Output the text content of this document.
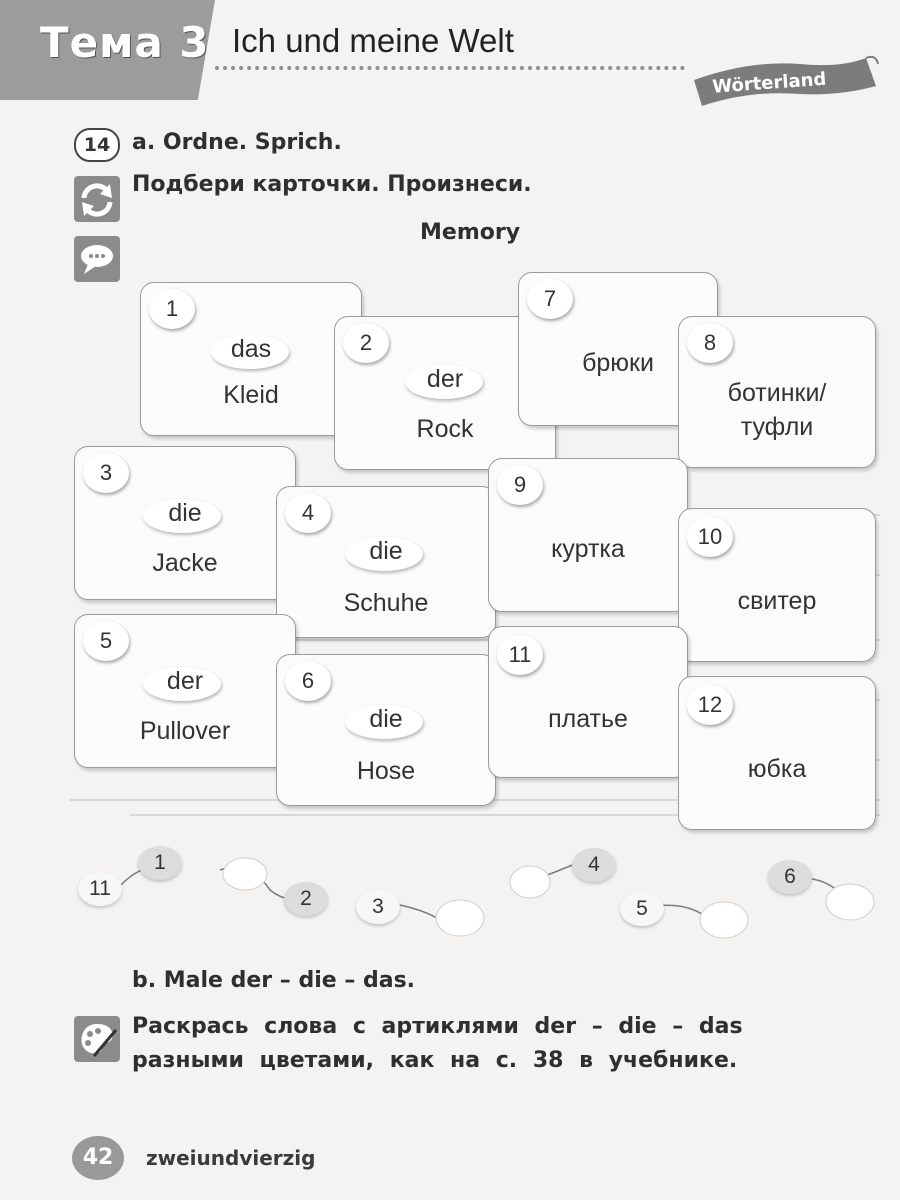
Тема 3 Ich und meine Welt
Wörterland
14 a. Ordne. Sprich.
Подбери карточки. Произнеси.
Memory
1
das
Kleid
2
der
Rock
3
die
Jacke
4
die
Schuhe
5
der
Pullover
6
die
Hose
7
брюки
8
ботинки/
туфли
9
куртка	10
свитер
11
платье
12
юбка
11
1
2	3
4
5
6
b. Male der – die – das.
Раскрась слова с артиклями der – die – das
разными цветами, как на с. 38 в учебнике.
42	zweiundvierzig
